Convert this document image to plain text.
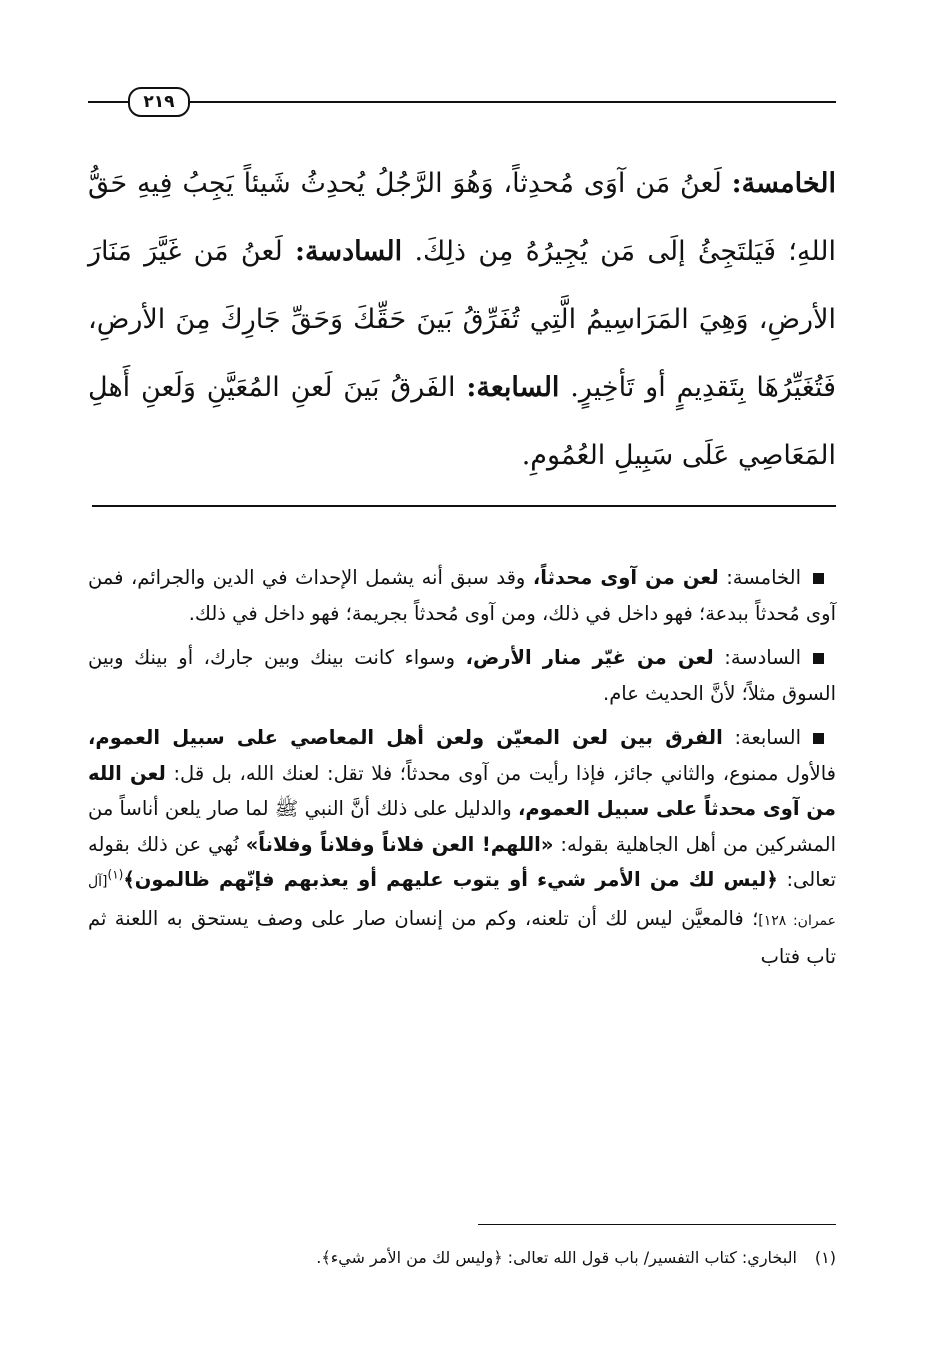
٢١٩
الخامسة: لَعنُ مَن آوَى مُحدِثاً، وَهُوَ الرَّجُلُ يُحدِثُ شَيئاً يَجِبُ فِيهِ حَقُّ اللهِ؛ فَيَلتَجِئُ إلَى مَن يُجِيرُهُ مِن ذلِكَ. السادسة: لَعنُ مَن غَيَّرَ مَنَارَ الأرضِ، وَهِيَ المَرَاسِيمُ الَّتِي تُفَرِّقُ بَينَ حَقِّكَ وَحَقِّ جَارِكَ مِنَ الأرضِ، فَتُغَيِّرُهَا بِتَقدِيمٍ أو تَأخِيرٍ. السابعة: الفَرقُ بَينَ لَعنِ المُعَيَّنِ وَلَعنِ أَهلِ المَعَاصِي عَلَى سَبِيلِ العُمُومِ.

الخامسة: لعن من آوى محدثاً، وقد سبق أنه يشمل الإحداث في الدين والجرائم، فمن آوى مُحدثاً ببدعة؛ فهو داخل في ذلك، ومن آوى مُحدثاً بجريمة؛ فهو داخل في ذلك.

السادسة: لعن من غيّر منار الأرض، وسواء كانت بينك وبين جارك، أو بينك وبين السوق مثلاً؛ لأنَّ الحديث عام.

السابعة: الفرق بين لعن المعيّن ولعن أهل المعاصي على سبيل العموم، فالأول ممنوع، والثاني جائز، فإذا رأيت من آوى محدثاً؛ فلا تقل: لعنك الله، بل قل: لعن الله من آوى محدثاً على سبيل العموم، والدليل على ذلك أنَّ النبي ﷺ لما صار يلعن أناساً من المشركين من أهل الجاهلية بقوله: «اللهم! العن فلاناً وفلاناً وفلاناً» نُهي عن ذلك بقوله تعالى: ﴿ليس لك من الأمر شيء أو يتوب عليهم أو يعذبهم فإنّهم ظالمون﴾$^{(١)}$[آل عمران: ١٢٨]؛ فالمعيَّن ليس لك أن تلعنه، وكم من إنسان صار على وصف يستحق به اللعنة ثم تاب فتاب

(١)البخاري: كتاب التفسير/ باب قول الله تعالى: ﴿وليس لك من الأمر شيء﴾.
